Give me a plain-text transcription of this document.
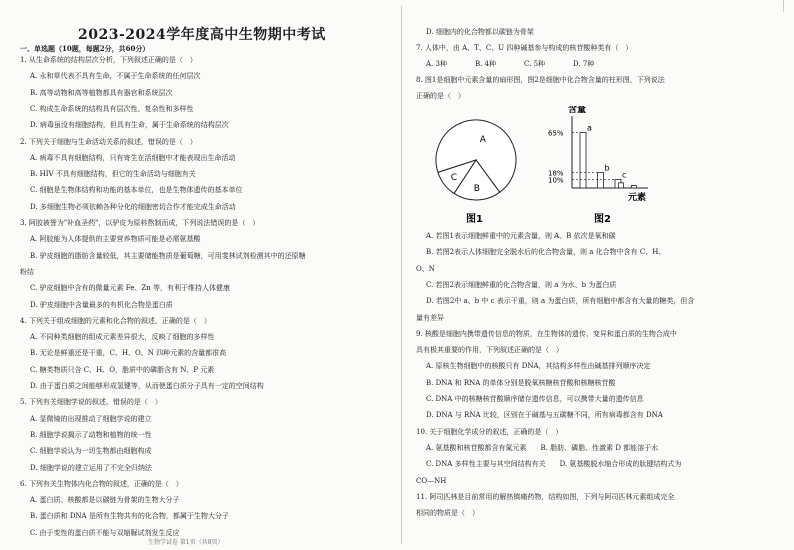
2023-2024学年度高中生物期中考试
一、单选题（10题，每题2分，共60分）
1. 从生命系统的结构层次分析，下列叙述正确的是（　）
A. 永和草代表不具有生命，不属于生命系统的任何层次
B. 高等动物和高等植物都具有器官和系统层次
C. 构成生命系统的结构具有层次性、复杂性和多样性
D. 病毒虽没有细胞结构，但具有生命，属于生命系统的结构层次
2. 下列关于细胞与生命活动关系的叙述，错误的是（　）
A. 病毒不具有细胞结构，只有寄生在活细胞中才能表现出生命活动
B. HIV 不具有细胞结构，但它的生命活动与细胞有关
C. 细胞是生物体结构和功能的基本单位，也是生物体遗传的基本单位
D. 多细胞生物必须依赖各种分化的细胞密切合作才能完成生命活动
3. 阿胶被誉为"补血圣药"，以驴皮为原料熬制而成，下列说法错误的是（　）
A. 阿胶能为人体提供的主要营养物质可能是必需氨基酸
B. 驴皮细胞的脂肪含量较低，其主要储能物质是葡萄糖，可用斐林试剂检测其中的还原糖
粉结
C. 驴皮细胞中含有的微量元素 Fe、Zn 等，有利于维持人体健康
D. 驴皮细胞中含量最多的有机化合物是蛋白质
4. 下列关于组成细胞的元素和化合物的叙述，正确的是（　）
A. 不同种类细胞的组成元素差异很大，反映了细胞的多样性
B. 无论是鲜重还是干重，C、H、O、N 四种元素的含量都很高
C. 糖类物质只含 C、H、O，脂质中的磷脂含有 N、P 元素
D. 由于蛋白质之间能够形成氢键等，从而使蛋白质分子具有一定的空间结构
5. 下列有关细胞学说的叙述，错误的是（　）
A. 显微镜的出现推动了细胞学说的建立
B. 细胞学说揭示了动物和植物的统一性
C. 细胞学说认为一切生物都由细胞构成
D. 细胞学说的建立运用了不完全归纳法
6. 下列有关生物体内化合物的叙述，正确的是（　）
A. 蛋白质、核酸都是以碳链为骨架的生物大分子
B. 蛋白质和 DNA 是所有生物共有的化合物，都属于生物大分子
C. 由于变性的蛋白质不能与双缩脲试剂发生反应
生物学试卷 第1页（共8页）
D. 细胞内的化合物都以碳链为骨架
7. 人体中，由 A、T、C、U 四种碱基参与构成的核苷酸种类有（　）
A. 3种　　　　B. 4种　　　　C. 5种　　　　D. 7种
8. 图1是细胞中元素含量的扇形图，图2是细胞中化合物含量的柱形图，下列说法
正确的是（　）
A
B
C
图1
含量
元素
a
65%
b
18%	c
10%
图2
A. 若图1表示细胞鲜重中的元素含量，则 A、B 依次是氧和碳
B. 若图2表示人体细胞完全脱水后的化合物含量，则 a 化合物中含有 C、H、
O、N
C. 若图2表示细胞鲜重的化合物含量，则 a 为水、b 为蛋白质
D. 若图2中 a、b 中 c 表示干重，则 a 为蛋白质，所有细胞中都含有大量的糖类，但含
量有差异
9. 核酸是细胞内携带遗传信息的物质，在生物体的遗传、变异和蛋白质的生物合成中
具有极其重要的作用，下列叙述正确的是（　）
A. 原核生物细胞中的核酸只有 DNA，其结构多样性由碱基排列顺序决定
B. DNA 和 RNA 的单体分别是脱氧核糖核苷酸和核糖核苷酸
C. DNA 中的核糖核苷酸顺序储存遗传信息，可以携带大量的遗传信息
D. DNA 与 RNA 比较，区别在于碱基与五碳糖不同，所有病毒都含有 DNA
10. 关于细胞化学成分的叙述，正确的是（　）
A. 氨基酸和核苷酸都含有氮元素　　B. 脂肪、磷脂、性激素 D 都能溶于水
C. DNA 多样性主要与其空间结构有关　　D. 氨基酸脱水缩合形成的肽键结构式为
CO—NH
11. 阿司匹林是目前常用的解热镇痛药物，结构如图，下列与阿司匹林元素组成完全
相同的物质是（　）
